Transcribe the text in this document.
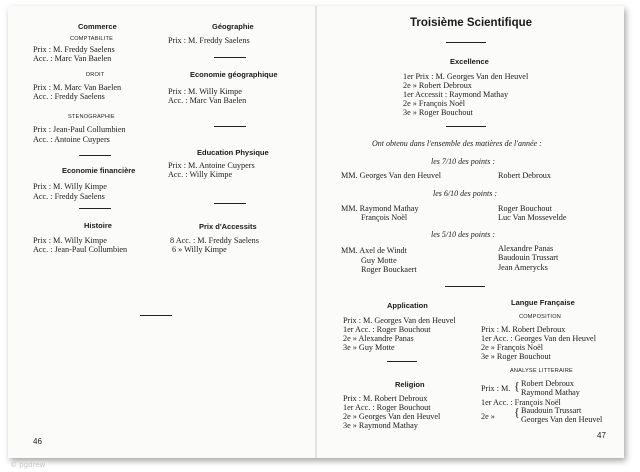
Commerce
COMPTABILITE
Prix : M. Freddy Saelens
Acc. : Marc Van Baelen
DROIT
Prix : M. Marc Van Baelen
Acc. : Freddy Saelens
STENOGRAPHIE
Prix : Jean-Paul Collumbien
Acc. : Antoine Cuypers
Economie financière
Prix : M. Willy Kimpe
Acc. : Freddy Saelens
Histoire
Prix : M. Willy Kimpe
Acc. : Jean-Paul Collumbien
Géographie
Prix : M. Freddy Saelens
Economie géographique
Prix : M. Willy Kimpe
Acc. : Marc Van Baelen
Education Physique
Prix : M. Antoine Cuypers
Acc. : Willy Kimpe
Prix d'Accessits
8 Acc. : M. Freddy Saelens
6 » Willy Kimpe
46
Troisième Scientifique
Excellence
1er Prix : M. Georges Van den Heuvel
2e » Robert Debroux
1er Accessit : Raymond Mathay
2e » François Noël
3e » Roger Bouchout
Ont obtenu dans l'ensemble des matières de l'année :
les 7/10 des points :
MM. Georges Van den Heuvel	Robert Debroux
les 6/10 des points :
MM. Raymond Mathay
François Noël
Roger Bouchout
Luc Van Mossevelde
les 5/10 des points :
MM. Axel de Windt
Guy Motte
Roger Bouckaert
Alexandre Panas
Baudouin Trussart
Jean Amerycks
Application
Prix : M. Georges Van den Heuvel
1er Acc. : Roger Bouchout
2e » Alexandre Panas
3e » Guy Motte
Religion
Prix : M. Robert Debroux
1er Acc. : Roger Bouchout
2e » Georges Van den Heuvel
3e » Raymond Mathay
Langue Française
COMPOSITION
Prix : M. Robert Debroux
1er Acc. : Georges Van den Heuvel
2e » François Noël
3e » Roger Bouchout
ANALYSE LITTERAIRE
Prix : M. { Robert Debroux
Raymond Mathay
1er Acc. : François Noël
2e » { Baudouin Trussart
Georges Van den Heuvel
47
© pgdrew
